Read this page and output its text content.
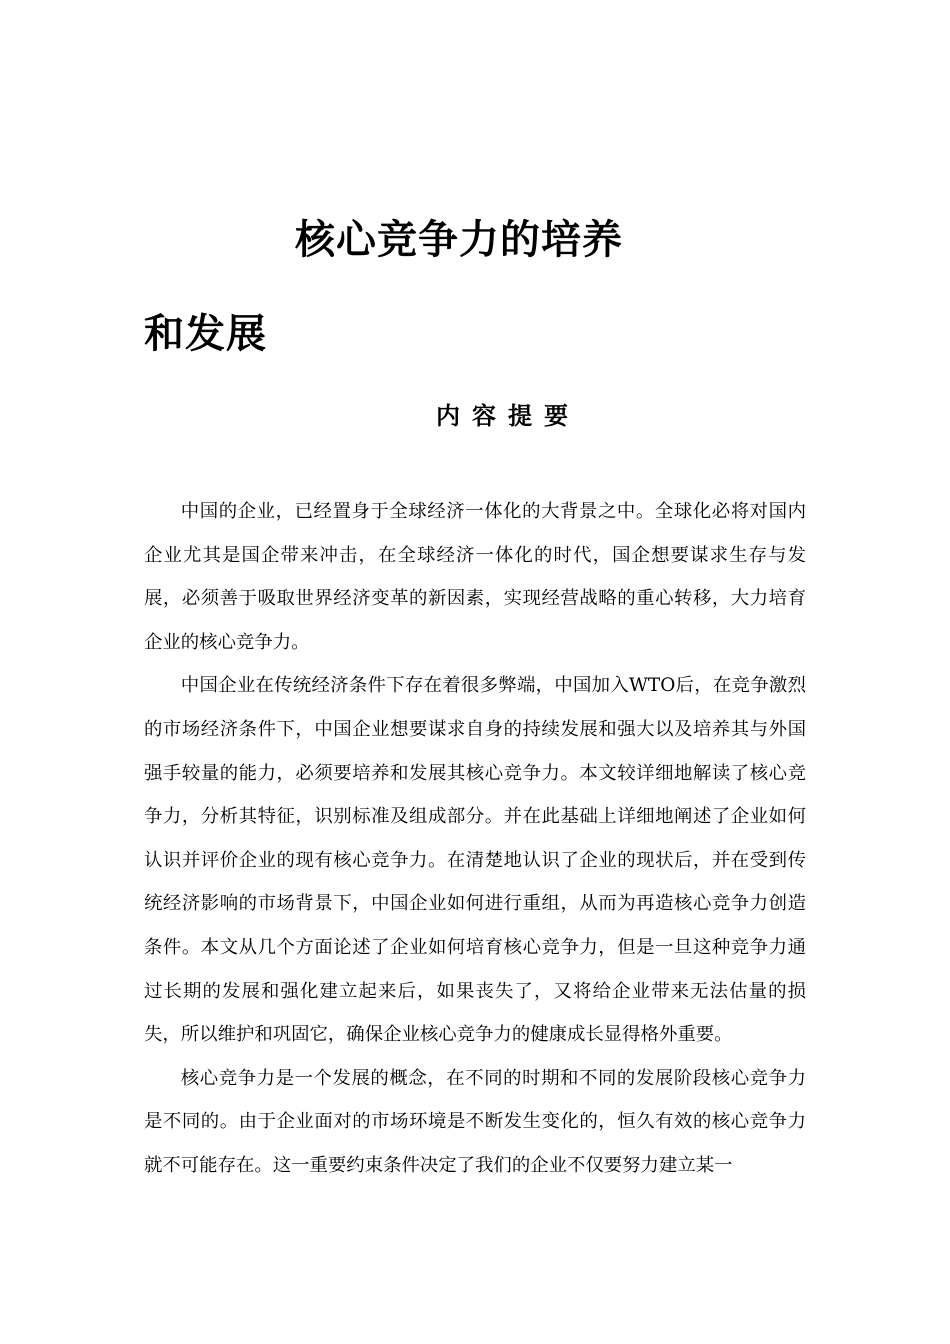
核心竞争力的培养
和发展
内容提要

中国的企业，已经置身于全球经济一体化的大背景之中。全球化必将对国内企业尤其是国企带来冲击，在全球经济一体化的时代，国企想要谋求生存与发展，必须善于吸取世界经济变革的新因素，实现经营战略的重心转移，大力培育企业的核心竞争力。

中国企业在传统经济条件下存在着很多弊端，中国加入WTO后，在竞争激烈的市场经济条件下，中国企业想要谋求自身的持续发展和强大以及培养其与外国强手较量的能力，必须要培养和发展其核心竞争力。本文较详细地解读了核心竞争力，分析其特征，识别标准及组成部分。并在此基础上详细地阐述了企业如何认识并评价企业的现有核心竞争力。在清楚地认识了企业的现状后，并在受到传统经济影响的市场背景下，中国企业如何进行重组，从而为再造核心竞争力创造条件。本文从几个方面论述了企业如何培育核心竞争力，但是一旦这种竞争力通过长期的发展和强化建立起来后，如果丧失了，又将给企业带来无法估量的损失，所以维护和巩固它，确保企业核心竞争力的健康成长显得格外重要。

核心竞争力是一个发展的概念，在不同的时期和不同的发展阶段核心竞争力是不同的。由于企业面对的市场环境是不断发生变化的，恒久有效的核心竞争力就不可能存在。这一重要约束条件决定了我们的企业不仅要努力建立某一
